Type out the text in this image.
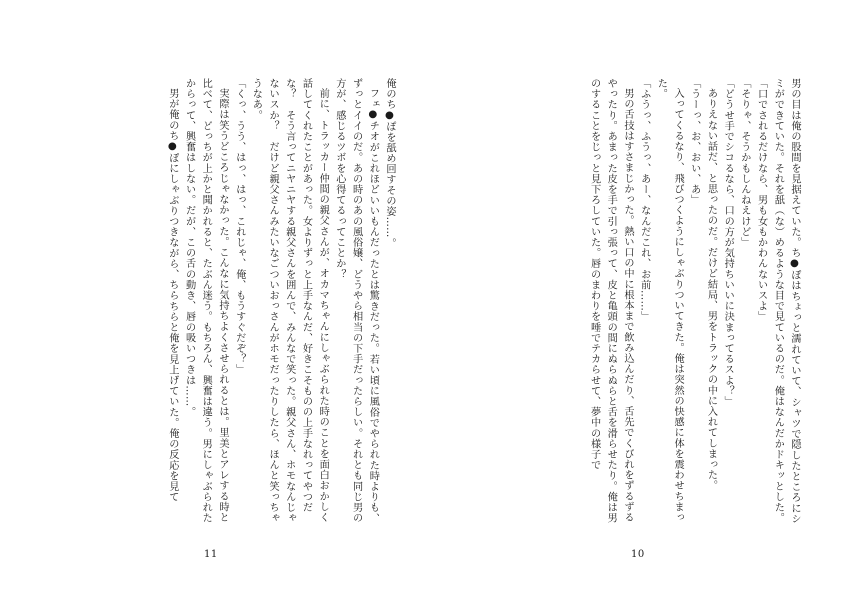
俺のち●ぽを舐め回すその姿……。

フェ●チオがこれほどいいもんだったとは驚きだった。若い頃に風俗でやられた時よりも、ずっとイイのだ。あの時のあの風俗嬢、どうやら相当の下手だったらしい。それとも同じ男の方が、感じるツボを心得てるってことか？

前に、トラッカー仲間の親父さんが、オカマちゃんにしゃぶられた時のことを面白おかしく話してくれたことがあった。女よりずっと上手なんだ、好きこそものの上手なれってやつだな？　そう言ってニヤニヤする親父さんを囲んで、みんなで笑った。親父さん、ホモなんじゃないスか？　だけど親父さんみたいなごついおっさんがホモだったりしたら、ほんと笑っちゃうなあ。

「くっ、うう、はっ、はっ、これじゃ、俺、もうすぐだぞ？」

実際は笑うどころじゃなかった。こんなに気持ちよくさせられるとは。里美とアレする時と比べて、どっちが上かと聞かれると、たぶん迷う。もちろん、興奮は違う。男にしゃぶられたからって、興奮はしない。だが、この舌の動き、唇の吸いつきは……。

男が俺のち●ぽにしゃぶりつきながら、ちらちらと俺を見上げていた。俺の反応を見て

11

男の目は俺の股間を見据えていた。ち●ぽはちょっと濡れていて、シャツで隠したところにシミができていた。それを舐（な）めるような目で見ているのだ。俺はなんだかドキッとした。

「口でされるだけなら、男も女もかわんないスよ」

「そりゃ、そうかもしんねえけど」

「どうせ手でシコるなら、口の方が気持ちいいに決まってるスよ？」

ありえない話だ、と思ったのだ。だけど結局、男をトラックの中に入れてしまった。

「うーっ、お、おい、あ」

入ってくるなり、飛びつくようにしゃぶりついてきた。俺は突然の快感に体を震わせちまった。

「ふうっ、ふうっ、あー、なんだこれ、お前……」

男の舌技はすさまじかった。熱い口の中に根本まで飲み込んだり、舌先でくびれをずるずるやったり。あまった皮を手で引っ張って、皮と亀頭の間にぬらぬらと舌を滑らせたり。俺は男のすることをじっと見下ろしていた。唇のまわりを唾でテカらせて、夢中の様子で

10
